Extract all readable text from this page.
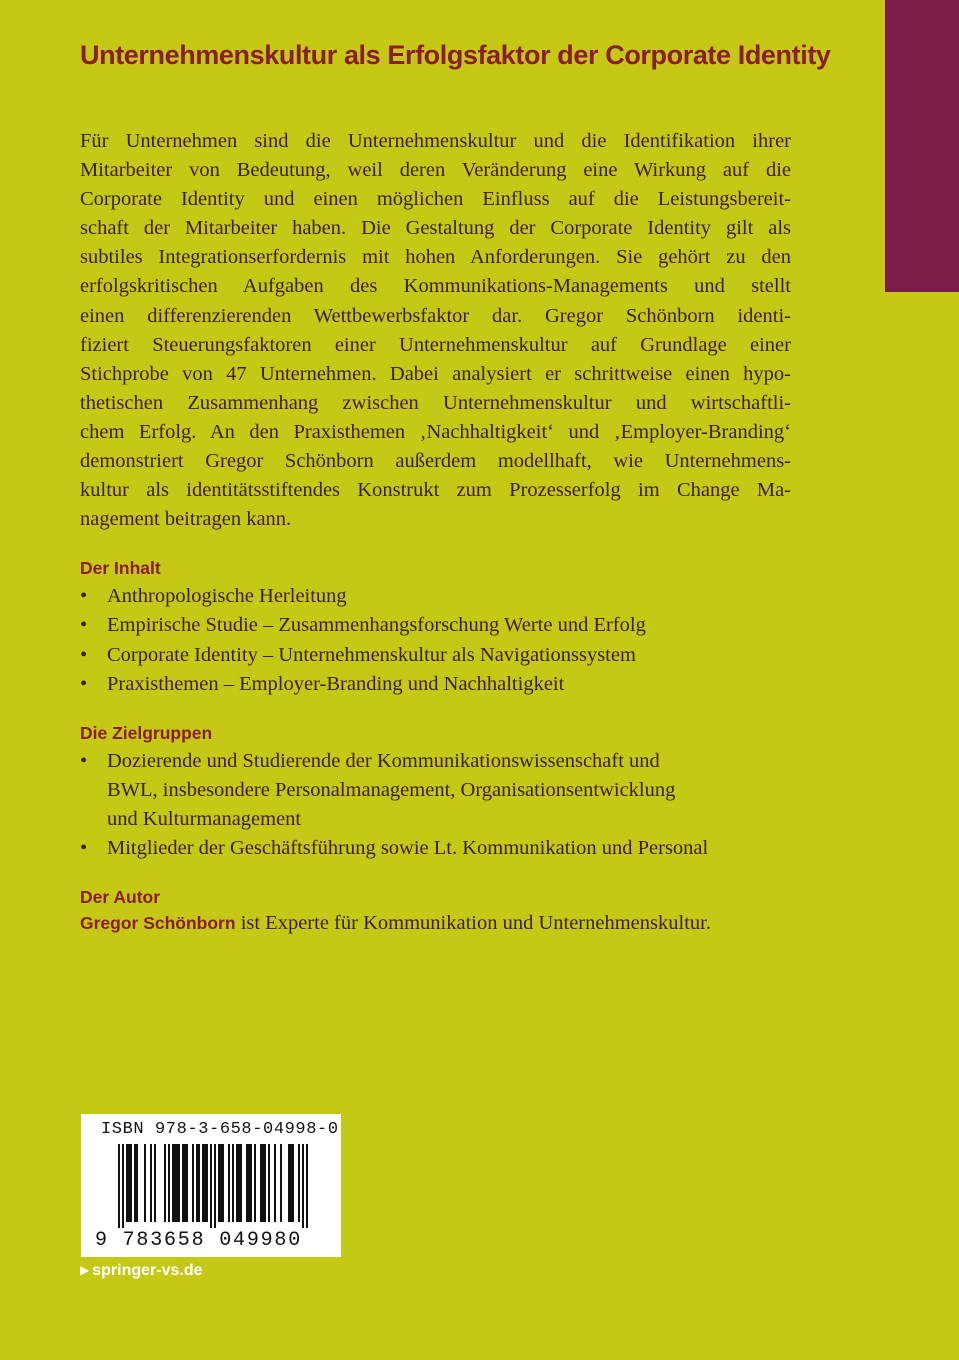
Unternehmenskultur als Erfolgsfaktor der Corporate Identity
Für Unternehmen sind die Unternehmenskultur und die Identifikation ihrer
Mitarbeiter von Bedeutung, weil deren Veränderung eine Wirkung auf die
Corporate Identity und einen möglichen Einfluss auf die Leistungsbereit-
schaft der Mitarbeiter haben. Die Gestaltung der Corporate Identity gilt als
subtiles Integrationserfordernis mit hohen Anforderungen. Sie gehört zu den
erfolgskritischen Aufgaben des Kommunikations-Managements und stellt
einen differenzierenden Wettbewerbsfaktor dar. Gregor Schönborn identi-
fiziert Steuerungsfaktoren einer Unternehmenskultur auf Grundlage einer
Stichprobe von 47 Unternehmen. Dabei analysiert er schrittweise einen hypo-
thetischen Zusammenhang zwischen Unternehmenskultur und wirtschaftli-
chem Erfolg. An den Praxisthemen ‚Nachhaltigkeit‘ und ‚Employer-Branding‘
demonstriert Gregor Schönborn außerdem modellhaft, wie Unternehmens-
kultur als identitätsstiftendes Konstrukt zum Prozesserfolg im Change Ma-
nagement beitragen kann.
Der Inhalt
• Anthropologische Herleitung
• Empirische Studie – Zusammenhangsforschung Werte und Erfolg
• Corporate Identity – Unternehmenskultur als Navigationssystem
• Praxisthemen – Employer-Branding und Nachhaltigkeit
Die Zielgruppen
• Dozierende und Studierende der Kommunikationswissenschaft und
BWL, insbesondere Personalmanagement, Organisationsentwicklung
und Kulturmanagement
• Mitglieder der Geschäftsführung sowie Lt. Kommunikation und Personal
Der Autor
Gregor Schönborn ist Experte für Kommunikation und Unternehmenskultur.
ISBN 978-3-658-04998-0
9 783658 049980
▶ springer-vs.de
